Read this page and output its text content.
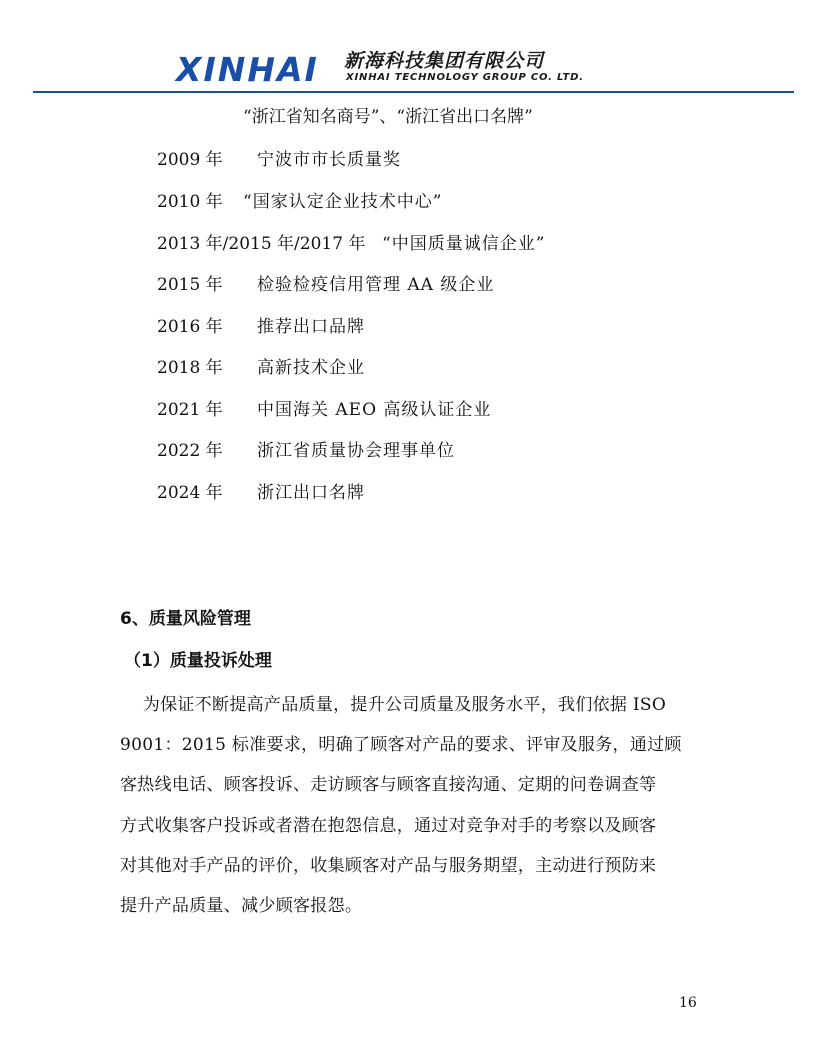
XINHAI 新海科技集团有限公司
XINHAI TECHNOLOGY GROUP CO. LTD.
“浙江省知名商号”、“浙江省出口名牌”
2009 年 宁波市市长质量奖
2010 年 “国家认定企业技术中心”
2013 年/2015 年/2017 年 “中国质量诚信企业”
2015 年 检验检疫信用管理 AA 级企业
2016 年 推荐出口品牌
2018 年 高新技术企业
2021 年 中国海关 AEO 高级认证企业
2022 年 浙江省质量协会理事单位
2024 年 浙江出口名牌
6、质量风险管理
（1）质量投诉处理
为保证不断提高产品质量，提升公司质量及服务水平，我们依据 ISO
9001：2015 标准要求，明确了顾客对产品的要求、评审及服务，通过顾
客热线电话、顾客投诉、走访顾客与顾客直接沟通、定期的问卷调查等
方式收集客户投诉或者潜在抱怨信息，通过对竞争对手的考察以及顾客
对其他对手产品的评价，收集顾客对产品与服务期望，主动进行预防来
提升产品质量、减少顾客报怨。
16
